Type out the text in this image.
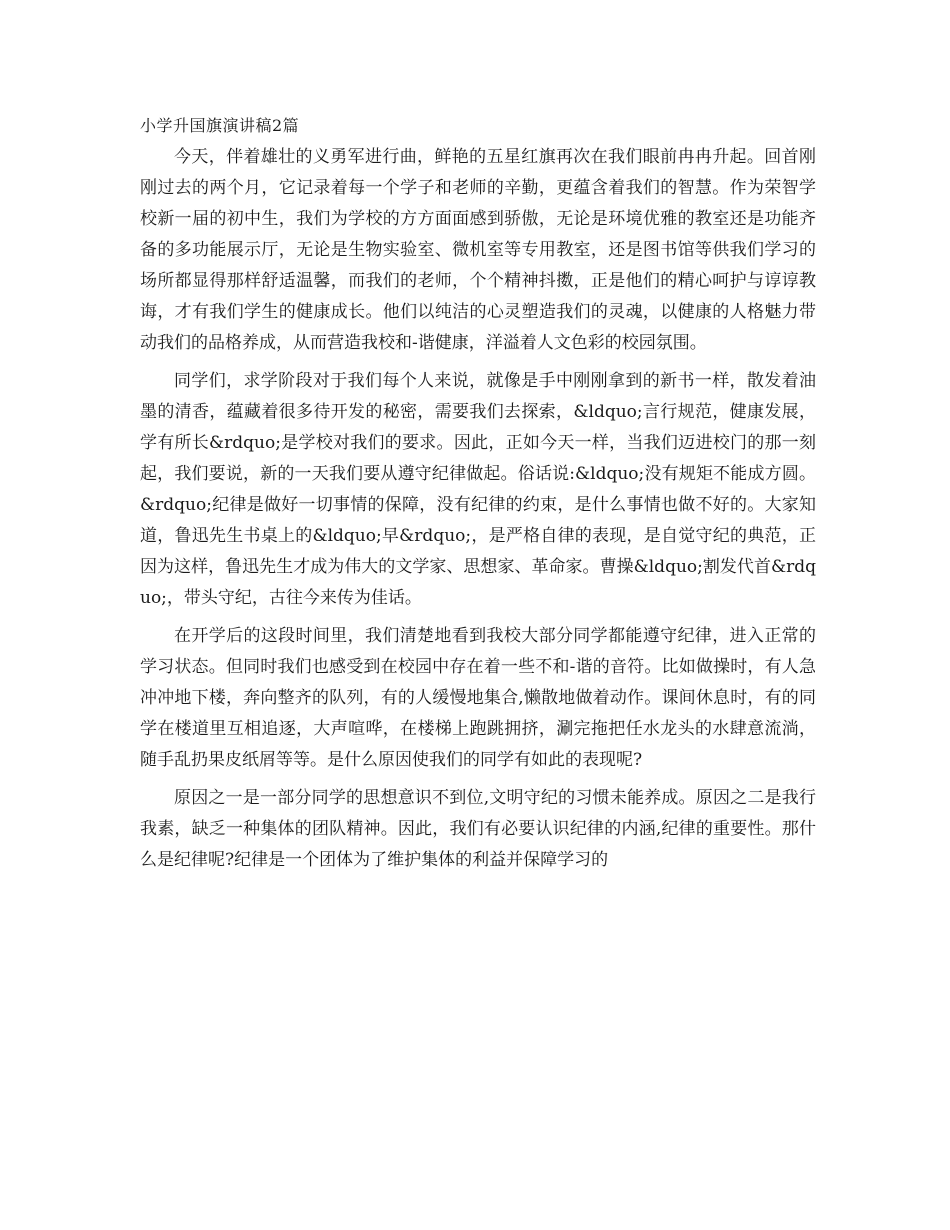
小学升国旗演讲稿2篇

今天，伴着雄壮的义勇军进行曲，鲜艳的五星红旗再次在我们眼前冉冉升起。回首刚刚过去的两个月，它记录着每一个学子和老师的辛勤，更蕴含着我们的智慧。作为荣智学校新一届的初中生，我们为学校的方方面面感到骄傲，无论是环境优雅的教室还是功能齐备的多功能展示厅，无论是生物实验室、微机室等专用教室，还是图书馆等供我们学习的场所都显得那样舒适温馨，而我们的老师，个个精神抖擞，正是他们的精心呵护与谆谆教诲，才有我们学生的健康成长。他们以纯洁的心灵塑造我们的灵魂，以健康的人格魅力带动我们的品格养成，从而营造我校和-谐健康，洋溢着人文色彩的校园氛围。

同学们，求学阶段对于我们每个人来说，就像是手中刚刚拿到的新书一样，散发着油墨的清香，蕴藏着很多待开发的秘密，需要我们去探索，&ldquo;言行规范，健康发展，学有所长&rdquo;是学校对我们的要求。因此，正如今天一样，当我们迈进校门的那一刻起，我们要说，新的一天我们要从遵守纪律做起。俗话说:&ldquo;没有规矩不能成方圆。&rdquo;纪律是做好一切事情的保障，没有纪律的约束，是什么事情也做不好的。大家知道，鲁迅先生书桌上的&ldquo;早&rdquo;，是严格自律的表现，是自觉守纪的典范，正因为这样，鲁迅先生才成为伟大的文学家、思想家、革命家。曹操&ldquo;割发代首&rdquo;，带头守纪，古往今来传为佳话。

在开学后的这段时间里，我们清楚地看到我校大部分同学都能遵守纪律，进入正常的学习状态。但同时我们也感受到在校园中存在着一些不和-谐的音符。比如做操时，有人急冲冲地下楼，奔向整齐的队列，有的人缓慢地集合,懒散地做着动作。课间休息时，有的同学在楼道里互相追逐，大声喧哗，在楼梯上跑跳拥挤，涮完拖把任水龙头的水肆意流淌，随手乱扔果皮纸屑等等。是什么原因使我们的同学有如此的表现呢?

原因之一是一部分同学的思想意识不到位,文明守纪的习惯未能养成。原因之二是我行我素，缺乏一种集体的团队精神。因此，我们有必要认识纪律的内涵,纪律的重要性。那什么是纪律呢?纪律是一个团体为了维护集体的利益并保障学习的
